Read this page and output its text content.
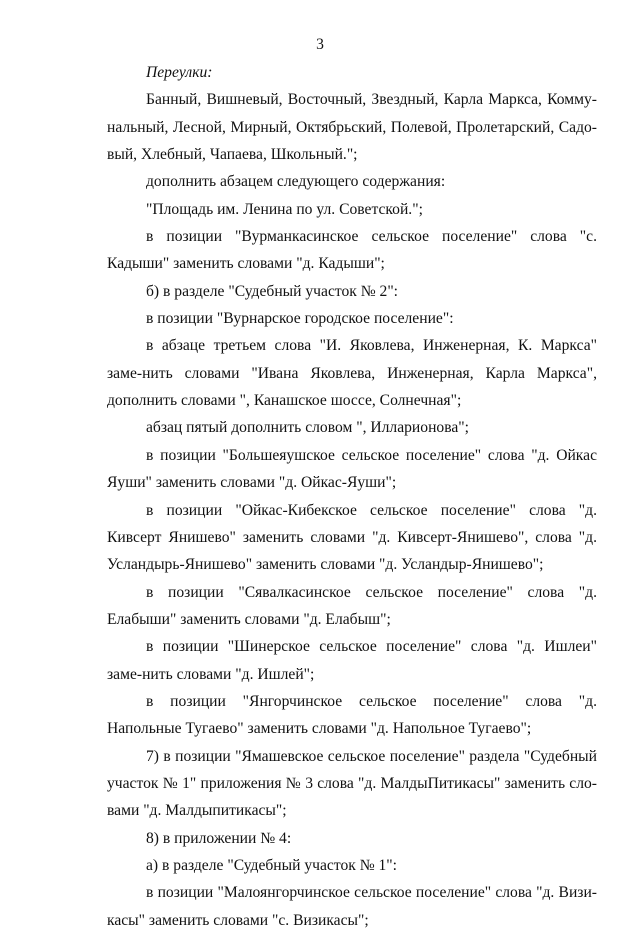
3

Переулки:

Банный, Вишневый, Восточный, Звездный, Карла Маркса, Комму-нальный, Лесной, Мирный, Октябрьский, Полевой, Пролетарский, Садо-вый, Хлебный, Чапаева, Школьный.";

дополнить абзацем следующего содержания:

"Площадь им. Ленина по ул. Советской.";

в позиции "Вурманкасинское сельское поселение" слова "с. Кадыши" заменить словами "д. Кадыши";

б) в разделе "Судебный участок № 2":

в позиции "Вурнарское городское поселение":

в абзаце третьем слова "И. Яковлева, Инженерная, К. Маркса" заме-нить словами "Ивана Яковлева, Инженерная, Карла Маркса", дополнить словами ", Канашское шоссе, Солнечная";

абзац пятый дополнить словом ", Илларионова";

в позиции "Большеяушское сельское поселение" слова "д. Ойкас Яуши" заменить словами "д. Ойкас-Яуши";

в позиции "Ойкас-Кибекское сельское поселение" слова "д. Кивсерт Янишево" заменить словами "д. Кивсерт-Янишево", слова "д. Усландырь-Янишево" заменить словами "д. Усландыр-Янишево";

в позиции "Сявалкасинское сельское поселение" слова "д. Елабыши" заменить словами "д. Елабыш";

в позиции "Шинерское сельское поселение" слова "д. Ишлеи" заме-нить словами "д. Ишлей";

в позиции "Янгорчинское сельское поселение" слова "д. Напольные Тугаево" заменить словами "д. Напольное Тугаево";

7) в позиции "Ямашевское сельское поселение" раздела "Судебный участок № 1" приложения № 3 слова "д. МалдыПитикасы" заменить сло-вами "д. Малдыпитикасы";

8) в приложении № 4:

а) в разделе "Судебный участок № 1":

в позиции "Малоянгорчинское сельское поселение" слова "д. Визи-касы" заменить словами "с. Визикасы";
